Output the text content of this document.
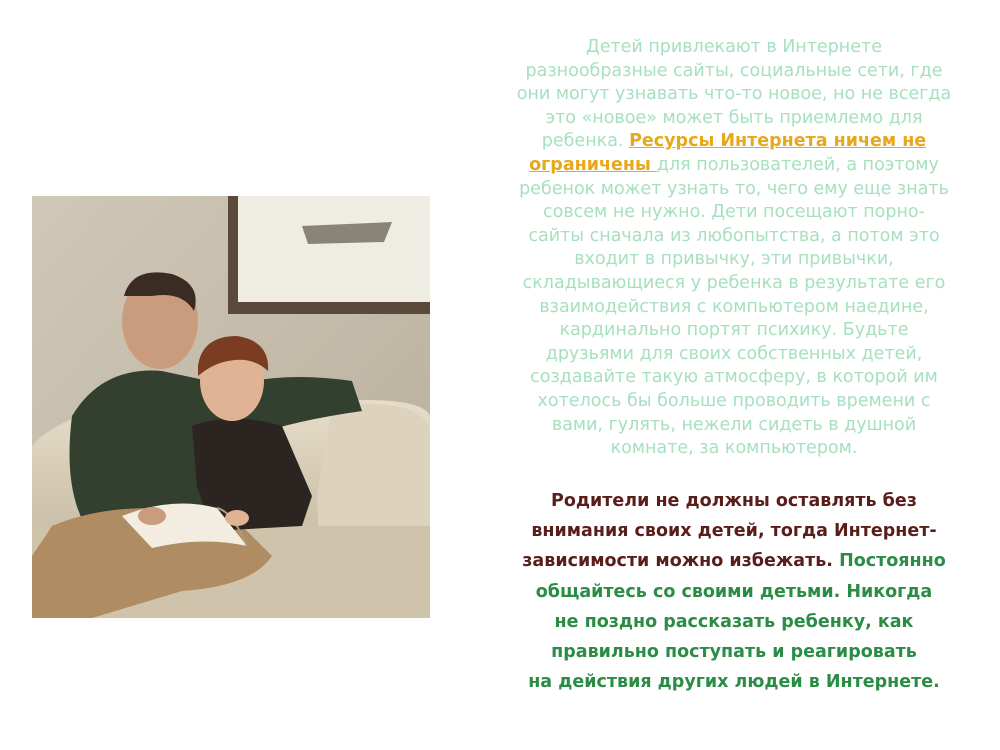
Детей привлекают в Интернете
разнообразные сайты, социальные сети, где
они могут узнавать что-то новое, но не всегда
это «новое» может быть приемлемо для
ребенка. Ресурсы Интернета ничем не
ограничены для пользователей, а поэтому
ребенок может узнать то, чего ему еще знать
совсем не нужно. Дети посещают порно-
сайты сначала из любопытства, а потом это
входит в привычку, эти привычки,
складывающиеся у ребенка в результате его
взаимодействия с компьютером наедине,
кардинально портят психику. Будьте
друзьями для своих собственных детей,
создавайте такую атмосферу, в которой им
хотелось бы больше проводить времени с
вами, гулять, нежели сидеть в душной
комнате, за компьютером.

Родители не должны оставлять без
внимания своих детей, тогда Интернет-
зависимости можно избежать. Постоянно
общайтесь со своими детьми. Никогда
не поздно рассказать ребенку, как
правильно поступать и реагировать
на действия других людей в Интернете.
